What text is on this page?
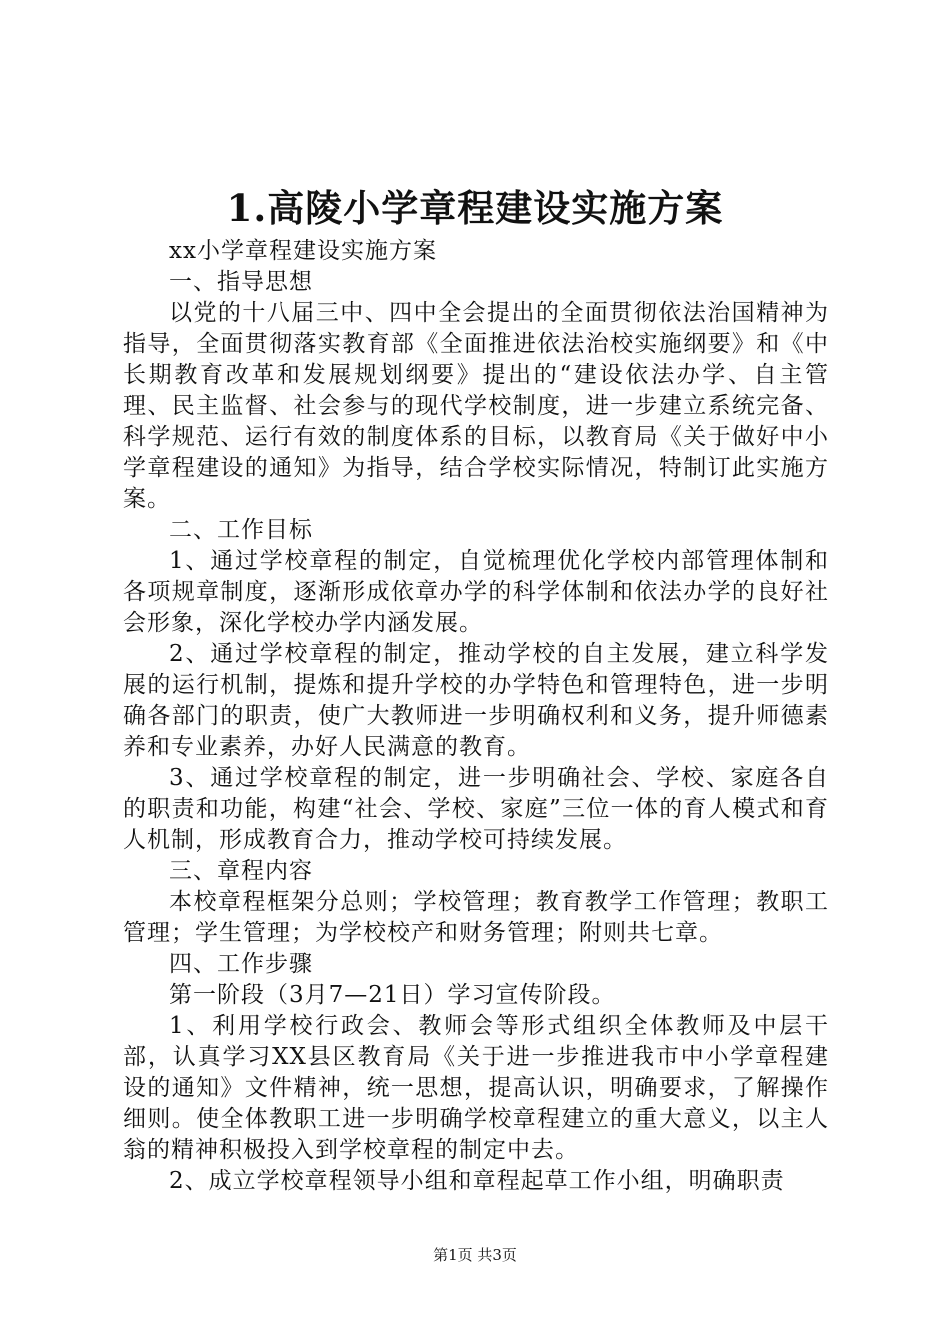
1.高陵小学章程建设实施方案

xx小学章程建设实施方案

一、指导思想

以党的十八届三中、四中全会提出的全面贯彻依法治国精神为指导，全面贯彻落实教育部《全面推进依法治校实施纲要》和《中长期教育改革和发展规划纲要》提出的“建设依法办学、自主管理、民主监督、社会参与的现代学校制度，进一步建立系统完备、科学规范、运行有效的制度体系的目标，以教育局《关于做好中小学章程建设的通知》为指导，结合学校实际情况，特制订此实施方案。

二、工作目标

1、通过学校章程的制定，自觉梳理优化学校内部管理体制和各项规章制度，逐渐形成依章办学的科学体制和依法办学的良好社会形象，深化学校办学内涵发展。

2、通过学校章程的制定，推动学校的自主发展，建立科学发展的运行机制，提炼和提升学校的办学特色和管理特色，进一步明确各部门的职责，使广大教师进一步明确权利和义务，提升师德素养和专业素养，办好人民满意的教育。

3、通过学校章程的制定，进一步明确社会、学校、家庭各自的职责和功能，构建“社会、学校、家庭”三位一体的育人模式和育人机制，形成教育合力，推动学校可持续发展。

三、章程内容

本校章程框架分总则；学校管理；教育教学工作管理；教职工管理；学生管理；为学校校产和财务管理；附则共七章。

四、工作步骤

第一阶段（3月7—21日）学习宣传阶段。

1、利用学校行政会、教师会等形式组织全体教师及中层干部，认真学习XX县区教育局《关于进一步推进我市中小学章程建设的通知》文件精神，统一思想，提高认识，明确要求，了解操作细则。使全体教职工进一步明确学校章程建立的重大意义，以主人翁的精神积极投入到学校章程的制定中去。

2、成立学校章程领导小组和章程起草工作小组，明确职责

第1页 共3页
